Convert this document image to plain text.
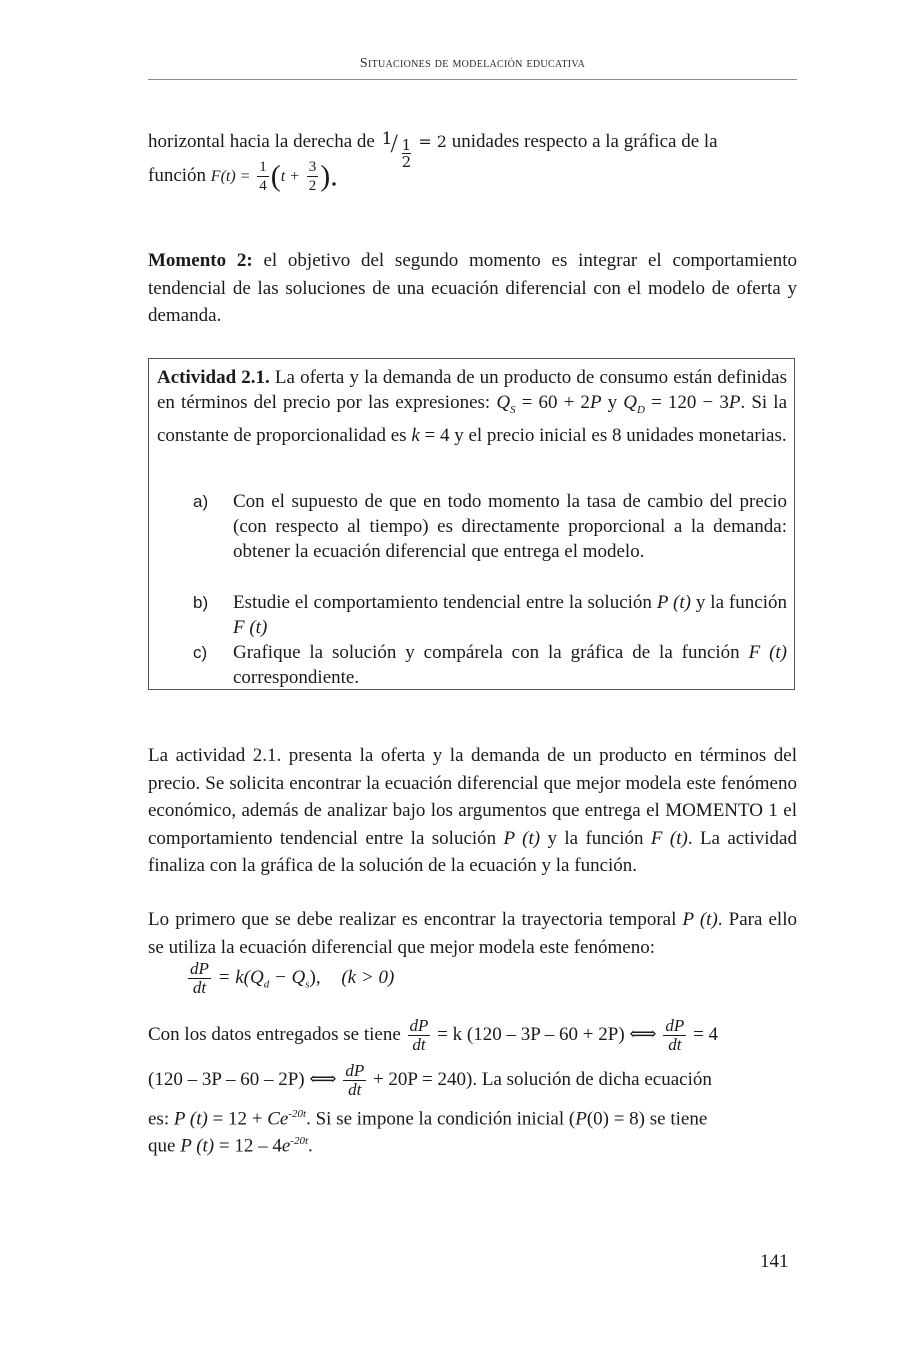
Situaciones de modelación educativa
horizontal hacia la derecha de 1
/ 1
2
= 2 unidades respecto a la gráfica de la
función $F(t) = \frac{1}{4} (t + \frac{3}{2}$ ).
Momento 2: el objetivo del segundo momento es integrar el comportamiento tendencial de las soluciones de una ecuación diferencial con el modelo de oferta y demanda.
Actividad 2.1. La oferta y la demanda de un producto de consumo están definidas en términos del precio por las expresiones: $Q_S = 60 + 2P$ y $Q_D = 120 - 3P$. Si la constante de proporcionalidad es k = 4 y el precio inicial es 8 unidades monetarias.
a)	Con el supuesto de que en todo momento la tasa de cambio del precio (con respecto al tiempo) es directamente proporcional a la demanda: obtener la ecuación diferencial que entrega el modelo.
b)	Estudie el comportamiento tendencial entre la solución P (t) y la función F (t)
c)	Grafique la solución y compárela con la gráfica de la función F (t) correspondiente.
La actividad 2.1. presenta la oferta y la demanda de un producto en términos del precio. Se solicita encontrar la ecuación diferencial que mejor modela este fenómeno económico, además de analizar bajo los argumentos que entrega el MOMENTO 1 el comportamiento tendencial entre la solución P (t) y la función F (t). La actividad finaliza con la gráfica de la solución de la ecuación y la función.
Lo primero que se debe realizar es encontrar la trayectoria temporal P (t). Para ello se utiliza la ecuación diferencial que mejor modela este fenómeno:
$\frac{dP}{dt} = k(Q_d - Q_s)$, (k > 0)
Con los datos entregados se tiene $\frac{dP}{dt} = k$ (120 – 3P – 60 + 2P) ⟺ $\frac{dP}{dt} = 4$
(120 – 3P – 60 – 2P) ⟺ $\frac{dP}{dt} + 20P = 240$). La solución de dicha ecuación
es: P $(t) = 12 + Ce^{-20t}$. Si se impone la condición inicial (P(0) = 8) se tiene
que P $(t) = 12 - 4e^{-20t}$.
141
